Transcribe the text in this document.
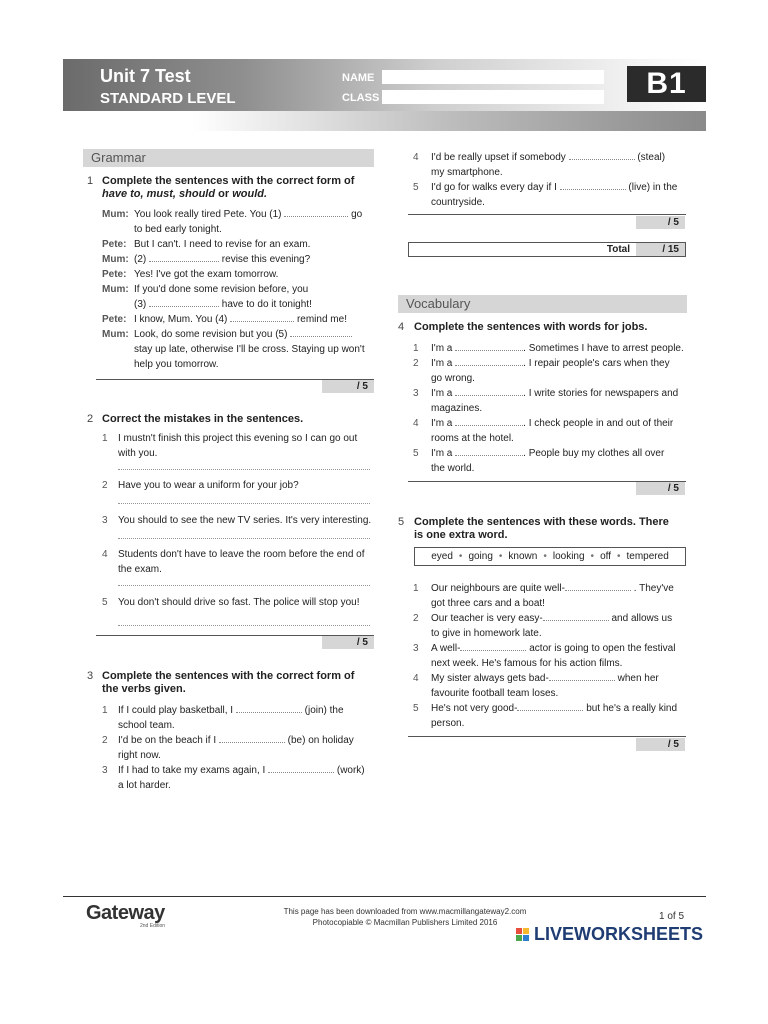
Unit 7 Test
STANDARD LEVEL
NAME
CLASS	B1
Grammar
1 Complete the sentences with the correct form of
have to, must, should or would.
Mum: You look really tired Pete. You (1)	go
to bed early tonight.
Pete: But I can't. I need to revise for an exam.
Mum: (2)	revise this evening?
Pete: Yes! I've got the exam tomorrow.
Mum: If you'd done some revision before, you
(3)	have to do it tonight!
Pete: I know, Mum. You (4)	remind me!
Mum: Look, do some revision but you (5)
stay up late, otherwise I'll be cross. Staying up won't
help you tomorrow.
/ 5
2 Correct the mistakes in the sentences.
1 I mustn't finish this project this evening so I can go out
with you.
2 Have you to wear a uniform for your job?
3 You should to see the new TV series. It's very interesting.
4 Students don't have to leave the room before the end of
the exam.
5 You don't should drive so fast. The police will stop you!
/ 5
3 Complete the sentences with the correct form of
the verbs given.
1 If I could play basketball, I	(join) the
school team.
2 I'd be on the beach if I	(be) on holiday
right now.
3 If I had to take my exams again, I	(work)
a lot harder.
4 I'd be really upset if somebody	(steal)
my smartphone.
5 I'd go for walks every day if I	(live) in the
countryside.
/ 5
Total	/ 15
Vocabulary
4 Complete the sentences with words for jobs.
1 I'm a	. Sometimes I have to arrest people.
2 I'm a	. I repair people's cars when they
go wrong.
3 I'm a	. I write stories for newspapers and
magazines.
4 I'm a	. I check people in and out of their
rooms at the hotel.
5 I'm a	. People buy my clothes all over
the world.
/ 5
5 Complete the sentences with these words. There
is one extra word.
eyed • going • known • looking • off • tempered
1 Our neighbours are quite well-	. They've
got three cars and a boat!
2 Our teacher is very easy-	and allows us
to give in homework late.
3 A well-	actor is going to open the festival
next week. He's famous for his action films.
4 My sister always gets bad-	when her
favourite football team loses.
5 He's not very good-	but he's a really kind
person.
/ 5
Gateway
2nd Edition
This page has been downloaded from www.macmillangateway2.com
Photocopiable © Macmillan Publishers Limited 2016
1 of 5
LIVEWORKSHEETS
